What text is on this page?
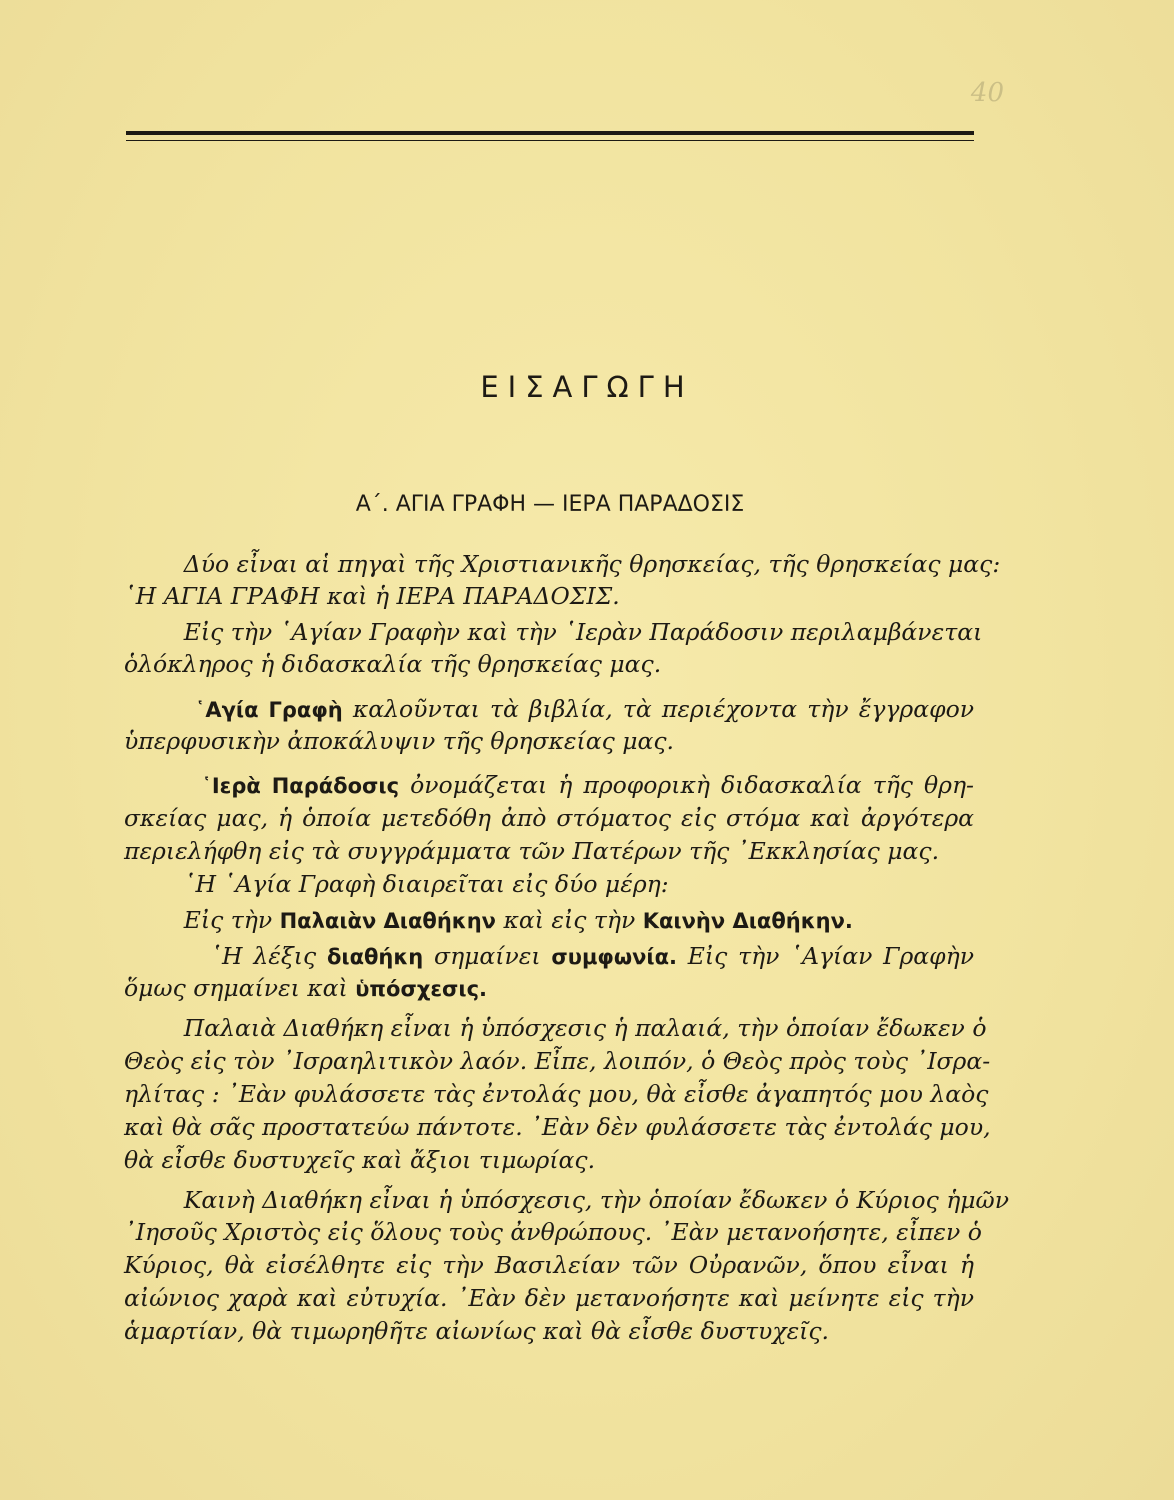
40
ΕΙΣΑΓΩΓΗ
Α΄. ΑΓΙΑ ΓΡΑΦΗ — ΙΕΡΑ ΠΑΡΑΔΟΣΙΣ
Δύο εἶναι αἱ πηγαὶ τῆς Χριστιανικῆς θρησκείας, τῆς θρησκείας μας:
῾Η ΑΓΙΑ ΓΡΑΦΗ καὶ ἡ ΙΕΡΑ ΠΑΡΑΔΟΣΙΣ.
Εἰς τὴν ῾Αγίαν Γραφὴν καὶ τὴν ῾Ιερὰν Παράδοσιν περιλαμβάνεται
ὁλόκληρος ἡ διδασκαλία τῆς θρησκείας μας.
῾Αγία Γραφὴ καλοῦνται τὰ βιβλία, τὰ περιέχοντα τὴν ἔγγραφον
ὑπερφυσικὴν ἀποκάλυψιν τῆς θρησκείας μας.
῾Ιερὰ Παράδοσις ὀνομάζεται ἡ προφορικὴ διδασκαλία τῆς θρη-
σκείας μας, ἡ ὁποία μετεδόθη ἀπὸ στόματος εἰς στόμα καὶ ἀργότερα
περιελήφθη εἰς τὰ συγγράμματα τῶν Πατέρων τῆς ᾿Εκκλησίας μας.
῾Η ῾Αγία Γραφὴ διαιρεῖται εἰς δύο μέρη:
Εἰς τὴν Παλαιὰν Διαθήκην καὶ εἰς τὴν Καινὴν Διαθήκην.
῾Η λέξις διαθήκη σημαίνει συμφωνία. Εἰς τὴν ῾Αγίαν Γραφὴν
ὅμως σημαίνει καὶ ὑπόσχεσις.
Παλαιὰ Διαθήκη εἶναι ἡ ὑπόσχεσις ἡ παλαιά, τὴν ὁποίαν ἔδωκεν ὁ
Θεὸς εἰς τὸν ᾿Ισραηλιτικὸν λαόν. Εἶπε, λοιπόν, ὁ Θεὸς πρὸς τοὺς ᾿Ισρα-
ηλίτας : ᾿Εὰν φυλάσσετε τὰς ἐντολάς μου, θὰ εἶσθε ἀγαπητός μου λαὸς
καὶ θὰ σᾶς προστατεύω πάντοτε. ᾿Εὰν δὲν φυλάσσετε τὰς ἐντολάς μου,
θὰ εἶσθε δυστυχεῖς καὶ ἄξιοι τιμωρίας.
Καινὴ Διαθήκη εἶναι ἡ ὑπόσχεσις, τὴν ὁποίαν ἔδωκεν ὁ Κύριος ἡμῶν
᾿Ιησοῦς Χριστὸς εἰς ὅλους τοὺς ἀνθρώπους. ᾿Εὰν μετανοήσητε, εἶπεν ὁ
Κύριος, θὰ εἰσέλθητε εἰς τὴν Βασιλείαν τῶν Οὐρανῶν, ὅπου εἶναι ἡ
αἰώνιος χαρὰ καὶ εὐτυχία. ᾿Εὰν δὲν μετανοήσητε καὶ μείνητε εἰς τὴν
ἁμαρτίαν, θὰ τιμωρηθῆτε αἰωνίως καὶ θὰ εἶσθε δυστυχεῖς.
